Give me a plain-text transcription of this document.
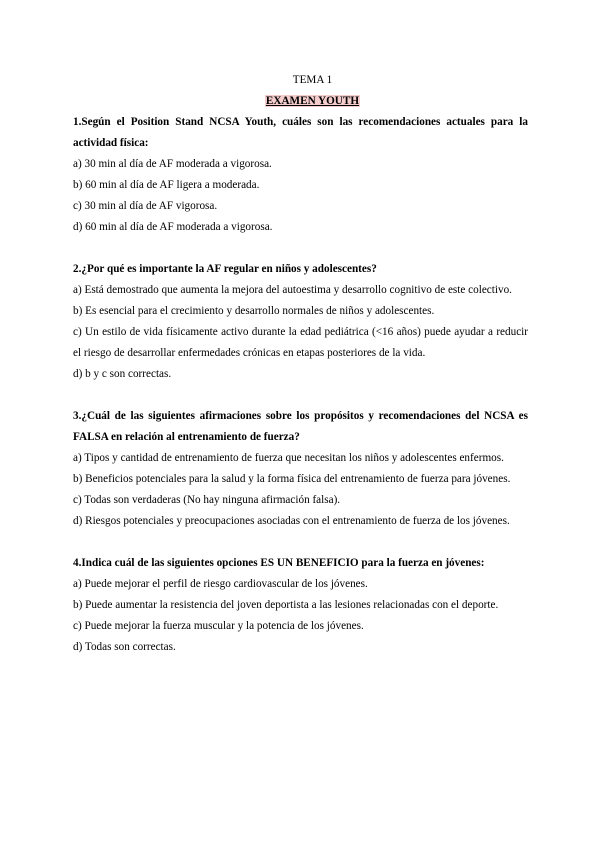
TEMA 1
EXAMEN YOUTH
1.Según el Position Stand NCSA Youth, cuáles son las recomendaciones actuales para la actividad física:
a) 30 min al día de AF moderada a vigorosa.
b) 60 min al día de AF ligera a moderada.
c) 30 min al día de AF vigorosa.
d) 60 min al día de AF moderada a vigorosa.
2.¿Por qué es importante la AF regular en niños y adolescentes?
a) Está demostrado que aumenta la mejora del autoestima y desarrollo cognitivo de este colectivo.
b) Es esencial para el crecimiento y desarrollo normales de niños y adolescentes.
c) Un estilo de vida físicamente activo durante la edad pediátrica (<16 años) puede ayudar a reducir el riesgo de desarrollar enfermedades crónicas en etapas posteriores de la vida.
d) b y c son correctas.
3.¿Cuál de las siguientes afirmaciones sobre los propósitos y recomendaciones del NCSA es FALSA en relación al entrenamiento de fuerza?
a) Tipos y cantidad de entrenamiento de fuerza que necesitan los niños y adolescentes enfermos.
b) Beneficios potenciales para la salud y la forma física del entrenamiento de fuerza para jóvenes.
c) Todas son verdaderas (No hay ninguna afirmación falsa).
d) Riesgos potenciales y preocupaciones asociadas con el entrenamiento de fuerza de los jóvenes.
4.Indica cuál de las siguientes opciones ES UN BENEFICIO para la fuerza en jóvenes:
a) Puede mejorar el perfil de riesgo cardiovascular de los jóvenes.
b) Puede aumentar la resistencia del joven deportista a las lesiones relacionadas con el deporte.
c) Puede mejorar la fuerza muscular y la potencia de los jóvenes.
d) Todas son correctas.
